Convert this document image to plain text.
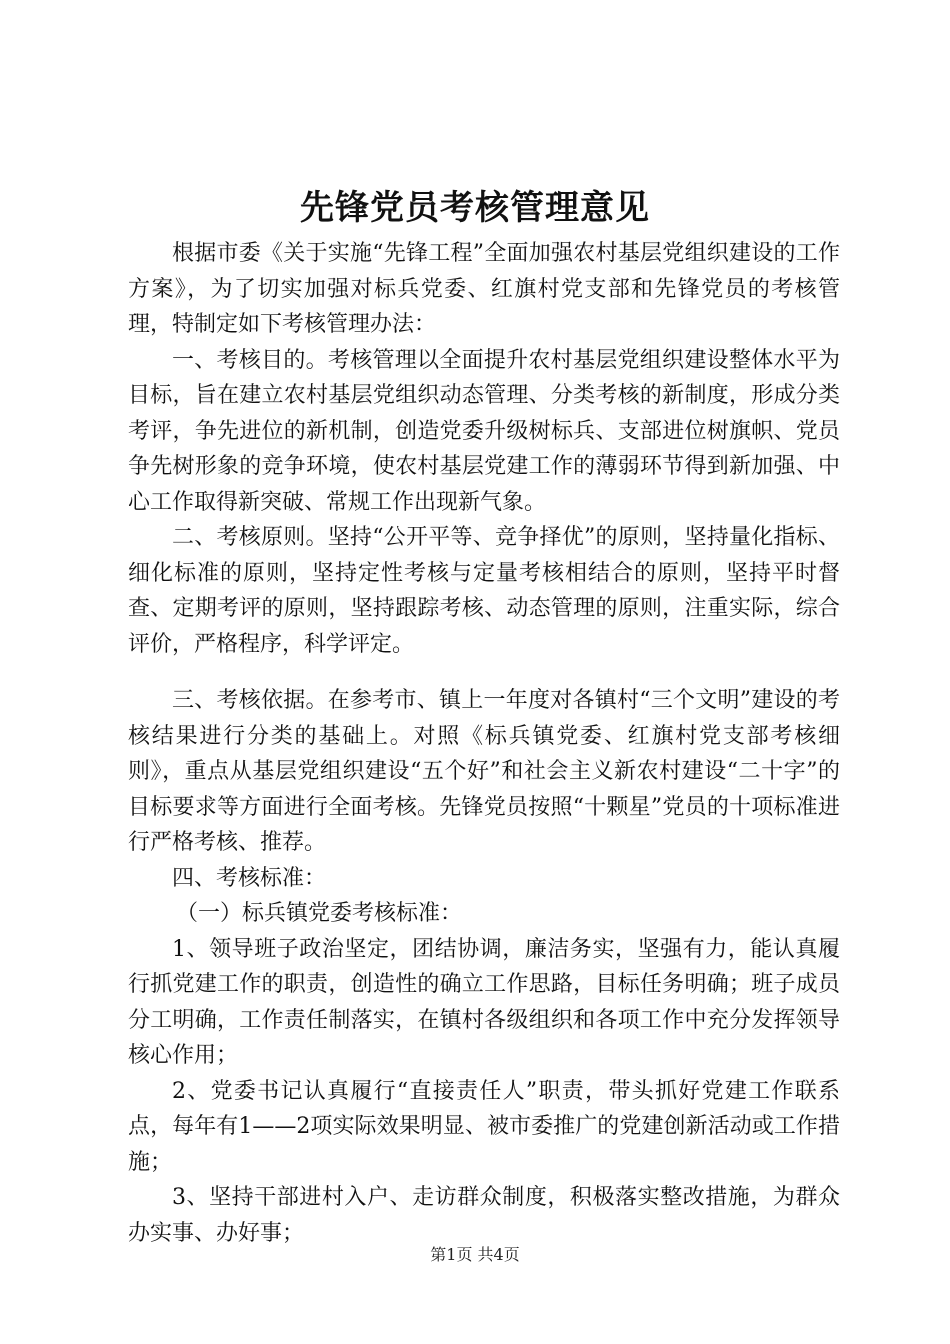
先锋党员考核管理意见

根据市委《关于实施“先锋工程”全面加强农村基层党组织建设的工作方案》，为了切实加强对标兵党委、红旗村党支部和先锋党员的考核管理，特制定如下考核管理办法：

一、考核目的。考核管理以全面提升农村基层党组织建设整体水平为目标，旨在建立农村基层党组织动态管理、分类考核的新制度，形成分类考评，争先进位的新机制，创造党委升级树标兵、支部进位树旗帜、党员争先树形象的竞争环境，使农村基层党建工作的薄弱环节得到新加强、中心工作取得新突破、常规工作出现新气象。

二、考核原则。坚持“公开平等、竞争择优”的原则，坚持量化指标、细化标准的原则，坚持定性考核与定量考核相结合的原则，坚持平时督查、定期考评的原则，坚持跟踪考核、动态管理的原则，注重实际，综合评价，严格程序，科学评定。

三、考核依据。在参考市、镇上一年度对各镇村“三个文明”建设的考核结果进行分类的基础上。对照《标兵镇党委、红旗村党支部考核细则》，重点从基层党组织建设“五个好”和社会主义新农村建设“二十字”的目标要求等方面进行全面考核。先锋党员按照“十颗星”党员的十项标准进行严格考核、推荐。

四、考核标准：

（一）标兵镇党委考核标准：

1、领导班子政治坚定，团结协调，廉洁务实，坚强有力，能认真履行抓党建工作的职责，创造性的确立工作思路，目标任务明确；班子成员分工明确，工作责任制落实，在镇村各级组织和各项工作中充分发挥领导核心作用；

2、党委书记认真履行“直接责任人”职责，带头抓好党建工作联系点，每年有1——2项实际效果明显、被市委推广的党建创新活动或工作措施；

3、坚持干部进村入户、走访群众制度，积极落实整改措施，为群众办实事、办好事；

第1页 共4页
